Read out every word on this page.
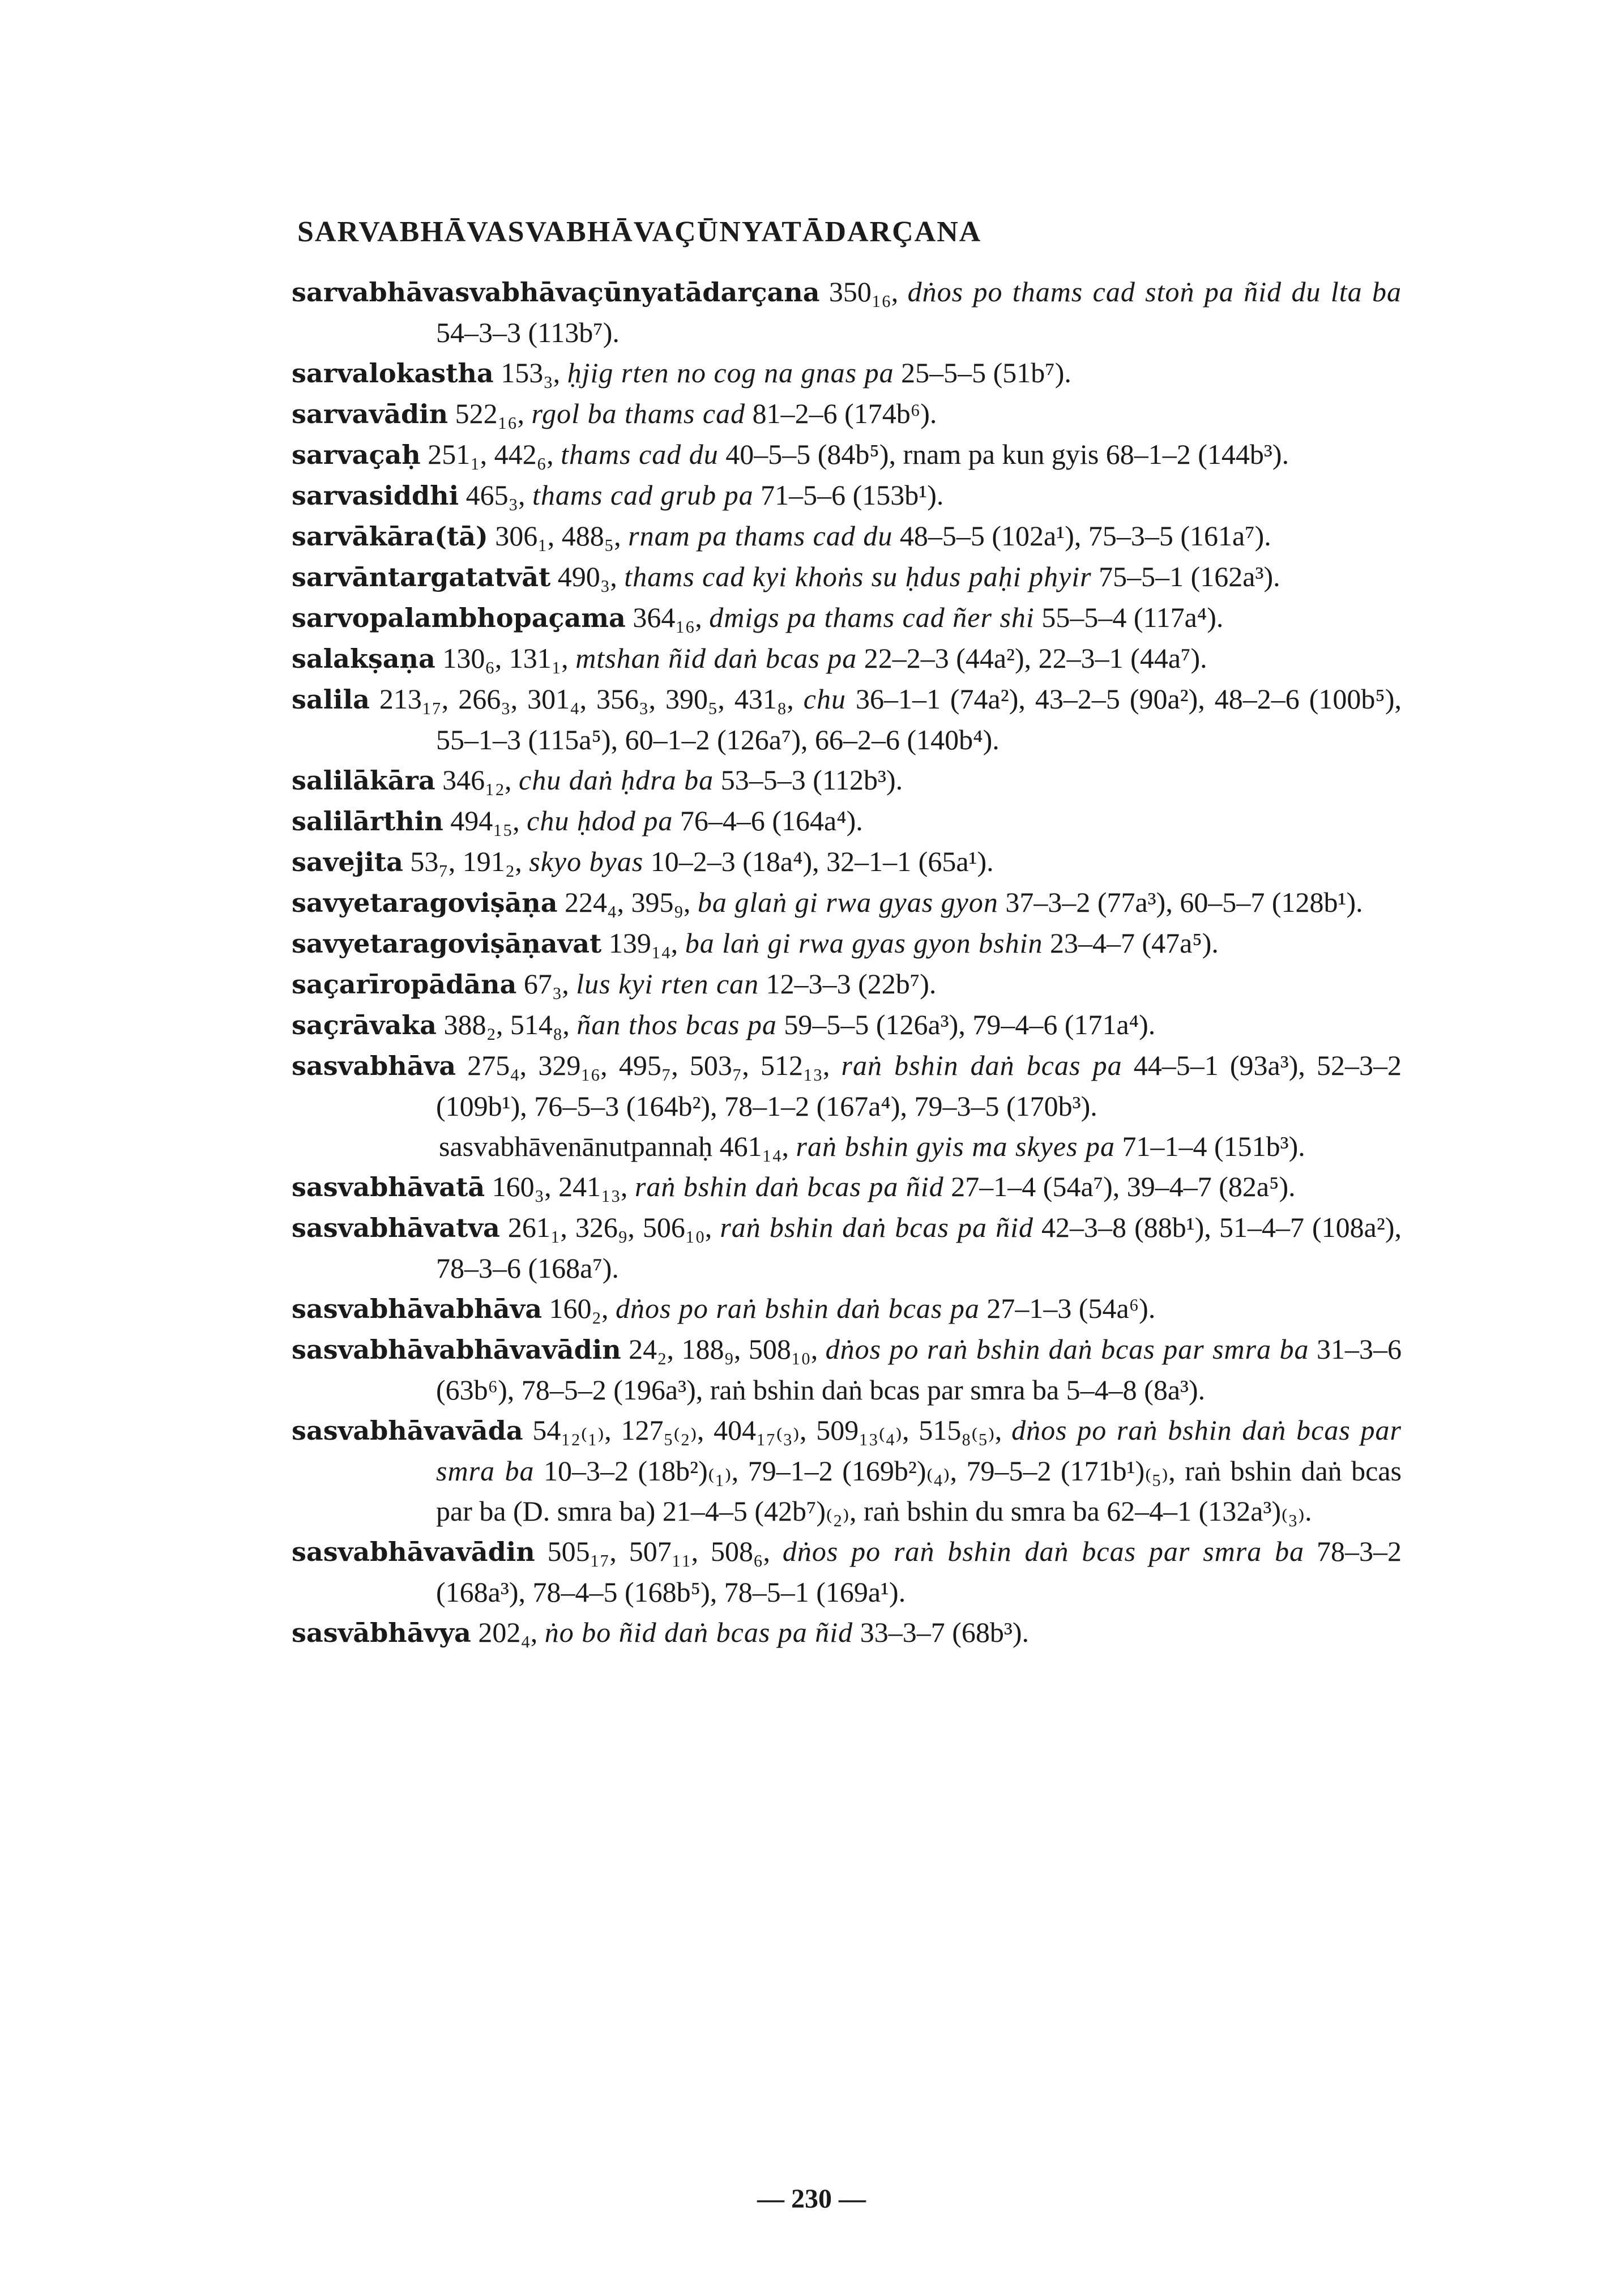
SARVABHĀVASVABHĀVAÇŪNYATĀDARÇANA
sarvabhāvasvabhāvaçūnyatādarçana 350₁₆, dṅos po thams cad stoṅ pa ñid du lta ba 54–3–3 (113b⁷).
sarvalokastha 153₃, ḥjig rten no cog na gnas pa 25–5–5 (51b⁷).
sarvavādin 522₁₆, rgol ba thams cad 81–2–6 (174b⁶).
sarvaçaḥ 251₁, 442₆, thams cad du 40–5–5 (84b⁵), rnam pa kun gyis 68–1–2 (144b³).
sarvasiddhi 465₃, thams cad grub pa 71–5–6 (153b¹).
sarvākāra(tā) 306₁, 488₅, rnam pa thams cad du 48–5–5 (102a¹), 75–3–5 (161a⁷).
sarvāntargatatvāt 490₃, thams cad kyi khoṅs su ḥdus paḥi phyir 75–5–1 (162a³).
sarvopalambhopaçama 364₁₆, dmigs pa thams cad ñer shi 55–5–4 (117a⁴).
salakṣaṇa 130₆, 131₁, mtshan ñid daṅ bcas pa 22–2–3 (44a²), 22–3–1 (44a⁷).
salila 213₁₇, 266₃, 301₄, 356₃, 390₅, 431₈, chu 36–1–1 (74a²), 43–2–5 (90a²), 48–2–6 (100b⁵), 55–1–3 (115a⁵), 60–1–2 (126a⁷), 66–2–6 (140b⁴).
salilākāra 346₁₂, chu daṅ ḥdra ba 53–5–3 (112b³).
salilārthin 494₁₅, chu ḥdod pa 76–4–6 (164a⁴).
savejita 53₇, 191₂, skyo byas 10–2–3 (18a⁴), 32–1–1 (65a¹).
savyetaragoviṣāṇa 224₄, 395₉, ba glaṅ gi rwa gyas gyon 37–3–2 (77a³), 60–5–7 (128b¹).
savyetaragoviṣāṇavat 139₁₄, ba laṅ gi rwa gyas gyon bshin 23–4–7 (47a⁵).
saçarīropādāna 67₃, lus kyi rten can 12–3–3 (22b⁷).
saçrāvaka 388₂, 514₈, ñan thos bcas pa 59–5–5 (126a³), 79–4–6 (171a⁴).
sasvabhāva 275₄, 329₁₆, 495₇, 503₇, 512₁₃, raṅ bshin daṅ bcas pa 44–5–1 (93a³), 52–3–2 (109b¹), 76–5–3 (164b²), 78–1–2 (167a⁴), 79–3–5 (170b³).
sasvabhāvenānutpannaḥ 461₁₄, raṅ bshin gyis ma skyes pa 71–1–4 (151b³).
sasvabhāvatā 160₃, 241₁₃, raṅ bshin daṅ bcas pa ñid 27–1–4 (54a⁷), 39–4–7 (82a⁵).
sasvabhāvatva 261₁, 326₉, 506₁₀, raṅ bshin daṅ bcas pa ñid 42–3–8 (88b¹), 51–4–7 (108a²), 78–3–6 (168a⁷).
sasvabhāvabhāva 160₂, dṅos po raṅ bshin daṅ bcas pa 27–1–3 (54a⁶).
sasvabhāvabhāvavādin 24₂, 188₉, 508₁₀, dṅos po raṅ bshin daṅ bcas par smra ba 31–3–6 (63b⁶), 78–5–2 (196a³), raṅ bshin daṅ bcas par smra ba 5–4–8 (8a³).
sasvabhāvavāda 54₁₂₍₁₎, 127₅₍₂₎, 404₁₇₍₃₎, 509₁₃₍₄₎, 515₈₍₅₎, dṅos po raṅ bshin daṅ bcas par smra ba 10–3–2 (18b²)₍₁₎, 79–1–2 (169b²)₍₄₎, 79–5–2 (171b¹)₍₅₎, raṅ bshin daṅ bcas par ba (D. smra ba) 21–4–5 (42b⁷)₍₂₎, raṅ bshin du smra ba 62–4–1 (132a³)₍₃₎.
sasvabhāvavādin 505₁₇, 507₁₁, 508₆, dṅos po raṅ bshin daṅ bcas par smra ba 78–3–2 (168a³), 78–4–5 (168b⁵), 78–5–1 (169a¹).
sasvābhāvya 202₄, ṅo bo ñid daṅ bcas pa ñid 33–3–7 (68b³).
— 230 —
